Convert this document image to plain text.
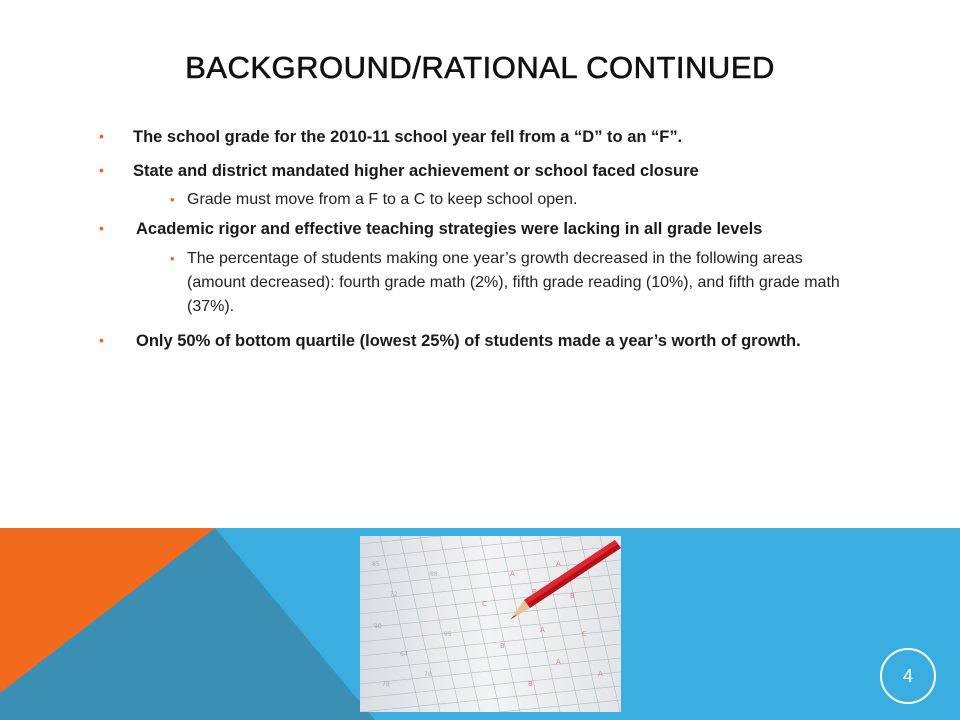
BACKGROUND/RATIONAL CONTINUED
• The school grade for the 2010-11 school year fell from a “D” to an “F”.
• State and district mandated higher achievement or school faced closure
• Grade must move from a F to a C to keep school open.
• Academic rigor and effective teaching strategies were lacking in all grade levels
• The percentage of students making one year’s growth decreased in the following areas (amount decreased): fourth grade math (2%), fifth grade reading (10%), and fifth grade math (37%).
• Only 50% of bottom quartile (lowest 25%) of students made a year’s worth of growth.
A
B
A
C
B
A
B
C
A
B
A
85
72
90
64
78
88
95
70	4
